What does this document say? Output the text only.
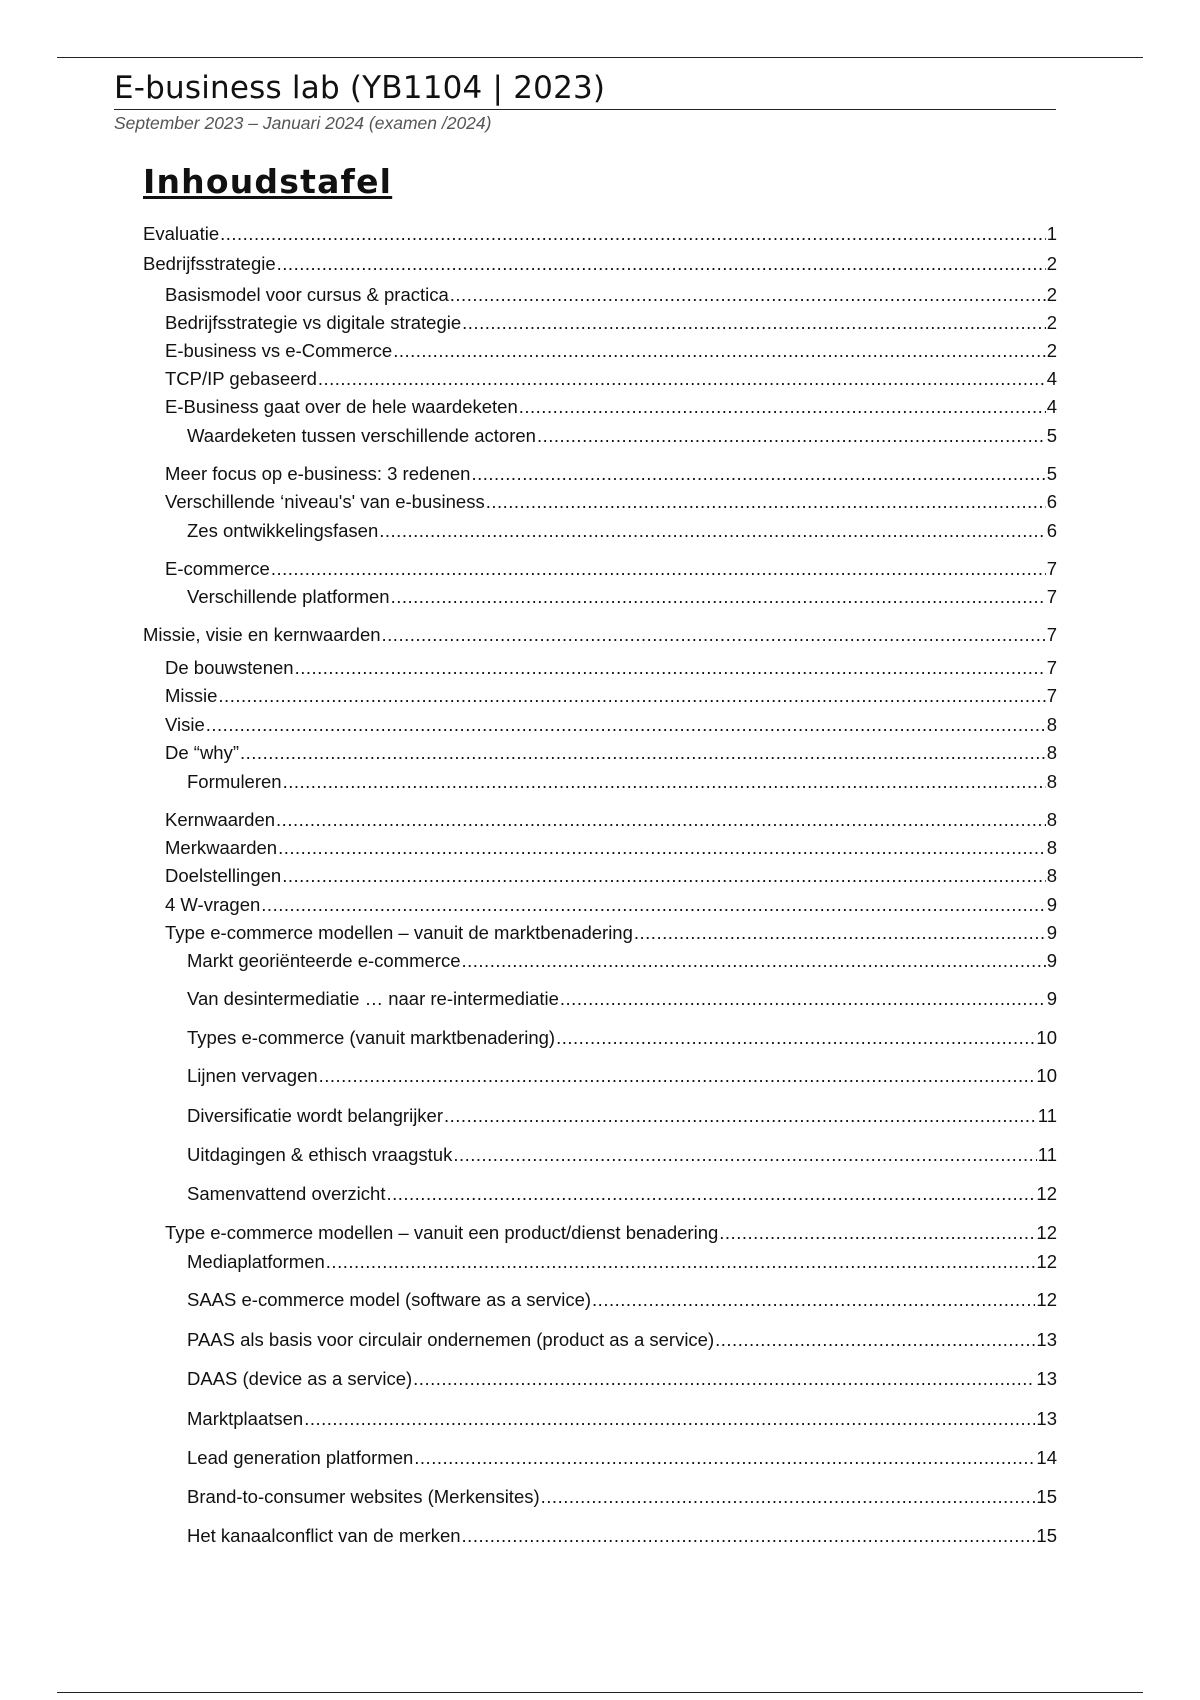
E-business lab (YB1104 | 2023)
September 2023 – Januari 2024 (examen /2024)
Inhoudstafel
Evaluatie .....	1
Bedrijfsstrategie .....	2
Basismodel voor cursus & practica .....	2
Bedrijfsstrategie vs digitale strategie .....	2
E-business vs e-Commerce .....	2
TCP/IP gebaseerd .....	4
E-Business gaat over de hele waardeketen .....	4
Waardeketen tussen verschillende actoren .....	5
Meer focus op e-business: 3 redenen .....	5
Verschillende ‘niveau's' van e-business .....	6
Zes ontwikkelingsfasen .....	6
E-commerce .....	7
Verschillende platformen .....	7
Missie, visie en kernwaarden .....	7
De bouwstenen .....	7
Missie .....	7
Visie .....	8
De “why” .....	8
Formuleren .....	8
Kernwaarden .....	8
Merkwaarden .....	8
Doelstellingen .....	8
4 W-vragen .....	9
Type e-commerce modellen – vanuit de marktbenadering .....	9
Markt georiënteerde e-commerce .....	9
Van desintermediatie … naar re-intermediatie .....	9
Types e-commerce (vanuit marktbenadering) .....	10
Lijnen vervagen .....	10
Diversificatie wordt belangrijker .....	11
Uitdagingen & ethisch vraagstuk .....	11
Samenvattend overzicht .....	12
Type e-commerce modellen – vanuit een product/dienst benadering .....	12
Mediaplatformen .....	12
SAAS e-commerce model (software as a service) .....	12
PAAS als basis voor circulair ondernemen (product as a service) .....	13
DAAS (device as a service) .....	13
Marktplaatsen .....	13
Lead generation platformen .....	14
Brand-to-consumer websites (Merkensites) .....	15
Het kanaalconflict van de merken .....	15
